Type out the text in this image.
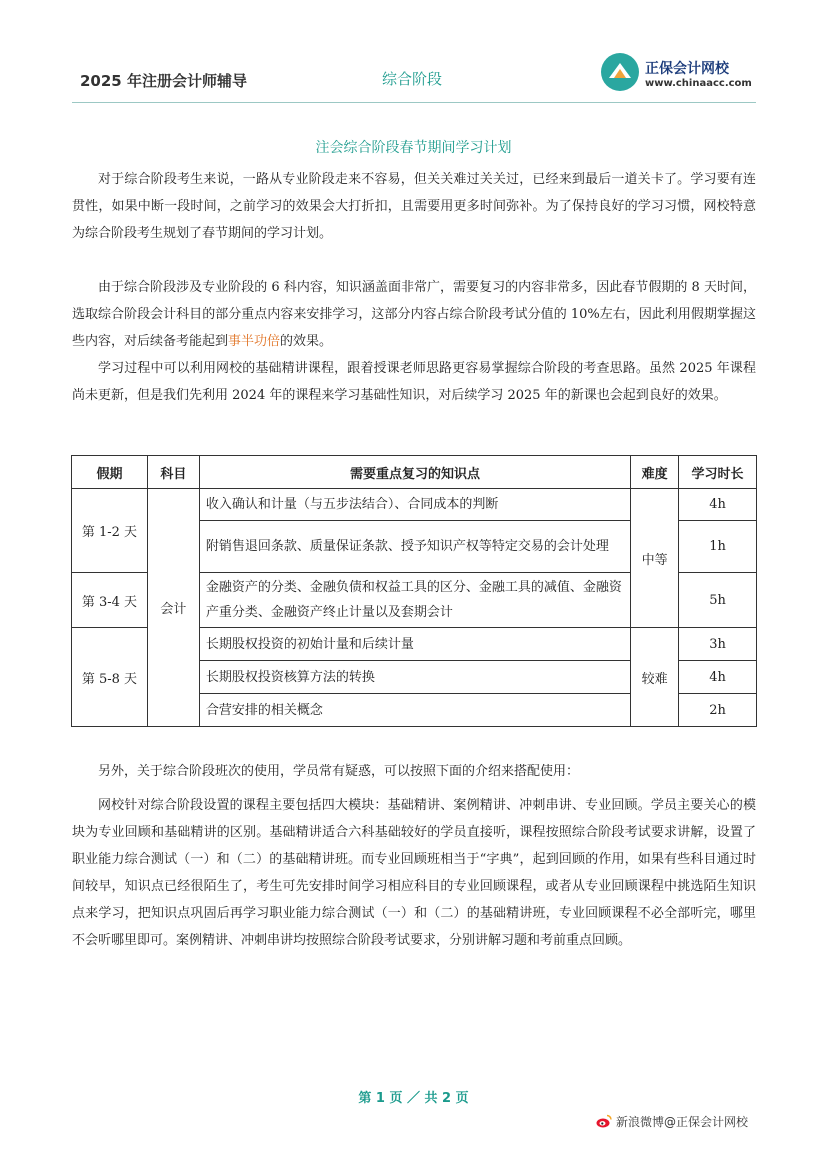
2025 年注册会计师辅导	综合阶段
正保会计网校
www.chinaacc.com
注会综合阶段春节期间学习计划

对于综合阶段考生来说，一路从专业阶段走来不容易，但关关难过关关过，已经来到最后一道关卡了。学习要有连贯性，如果中断一段时间，之前学习的效果会大打折扣，且需要用更多时间弥补。为了保持良好的学习习惯，网校特意为综合阶段考生规划了春节期间的学习计划。

由于综合阶段涉及专业阶段的 6 科内容，知识涵盖面非常广，需要复习的内容非常多，因此春节假期的 8 天时间，选取综合阶段会计科目的部分重点内容来安排学习，这部分内容占综合阶段考试分值的 10%左右，因此利用假期掌握这些内容，对后续备考能起到事半功倍的效果。

学习过程中可以利用网校的基础精讲课程，跟着授课老师思路更容易掌握综合阶段的考查思路。虽然 2025 年课程尚未更新，但是我们先利用 2024 年的课程来学习基础性知识，对后续学习 2025 年的新课也会起到良好的效果。

假期	科目	需要重点复习的知识点	难度	学习时长
第 1-2 天	会计	收入确认和计量（与五步法结合）、合同成本的判断	中等	4h
		附销售退回条款、质量保证条款、授予知识产权等特定交易的会计处理		1h
第 3-4 天		金融资产的分类、金融负债和权益工具的区分、金融工具的减值、金融资产重分类、金融资产终止计量以及套期会计		5h
第 5-8 天		长期股权投资的初始计量和后续计量	较难	3h
		长期股权投资核算方法的转换		4h
		合营安排的相关概念		2h

另外，关于综合阶段班次的使用，学员常有疑惑，可以按照下面的介绍来搭配使用：

网校针对综合阶段设置的课程主要包括四大模块：基础精讲、案例精讲、冲刺串讲、专业回顾。学员主要关心的模块为专业回顾和基础精讲的区别。基础精讲适合六科基础较好的学员直接听，课程按照综合阶段考试要求讲解，设置了职业能力综合测试（一）和（二）的基础精讲班。而专业回顾班相当于“字典”，起到回顾的作用，如果有些科目通过时间较早，知识点已经很陌生了，考生可先安排时间学习相应科目的专业回顾课程，或者从专业回顾课程中挑选陌生知识点来学习，把知识点巩固后再学习职业能力综合测试（一）和（二）的基础精讲班，专业回顾课程不必全部听完，哪里不会听哪里即可。案例精讲、冲刺串讲均按照综合阶段考试要求，分别讲解习题和考前重点回顾。

第 1 页 ／ 共 2 页
新浪微博@正保会计网校
